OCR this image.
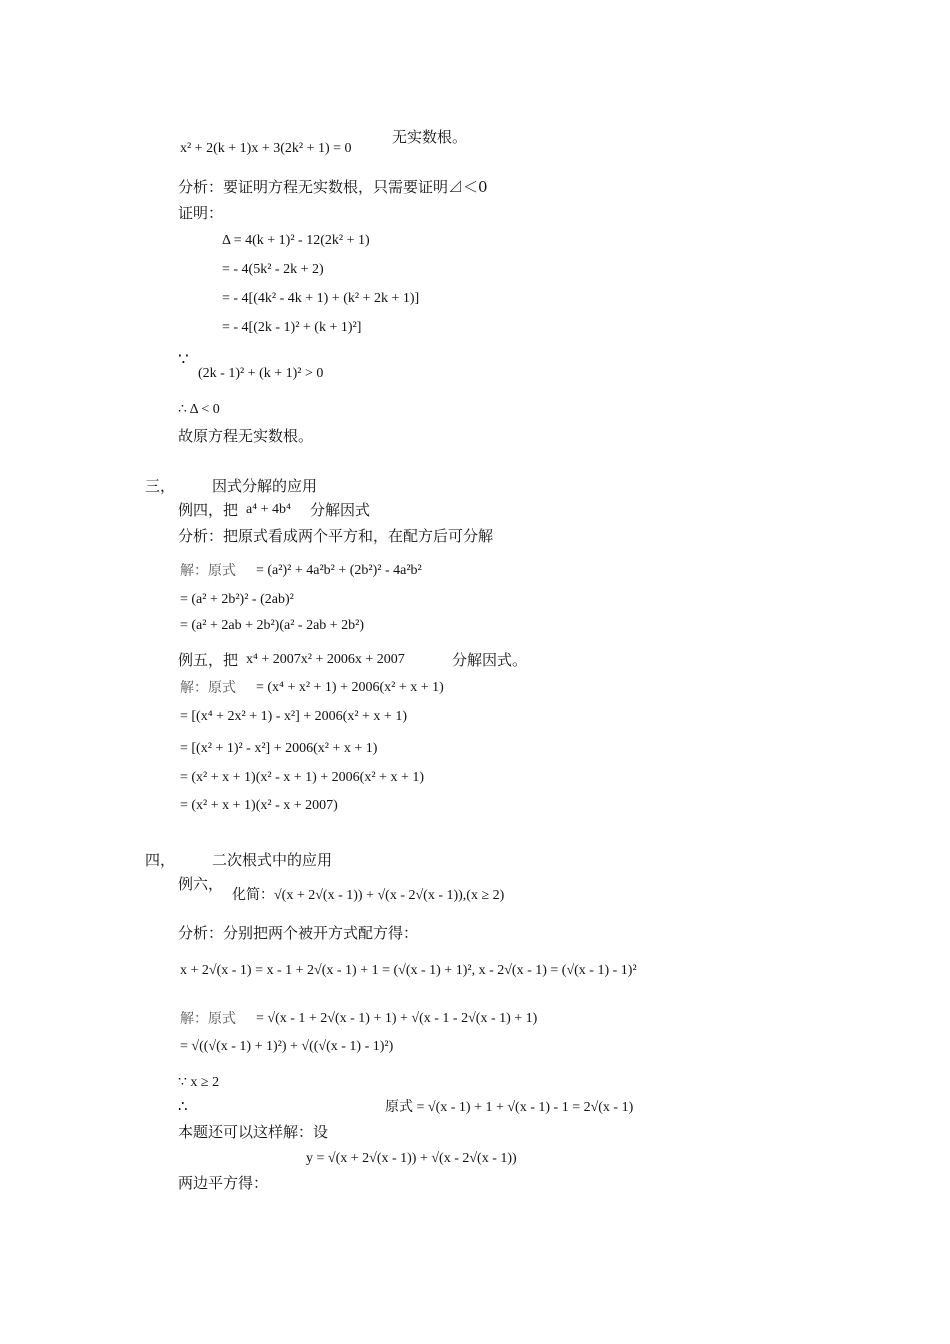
x² + 2(k + 1)x + 3(2k² + 1) = 0
无实数根。
分析：要证明方程无实数根，只需要证明⊿＜0
证明：
Δ = 4(k + 1)² - 12(2k² + 1)
= - 4(5k² - 2k + 2)
= - 4[(4k² - 4k + 1) + (k² + 2k + 1)]
= - 4[(2k - 1)² + (k + 1)²]
∵
(2k - 1)² + (k + 1)² > 0
∴ Δ < 0
故原方程无实数根。
三， 因式分解的应用
例四，把 a⁴ + 4b⁴ 分解因式
分析：把原式看成两个平方和，在配方后可分解
解：原式 = (a²)² + 4a²b² + (2b²)² - 4a²b²
= (a² + 2b²)² - (2ab)²
= (a² + 2ab + 2b²)(a² - 2ab + 2b²)
例五，把 x⁴ + 2007x² + 2006x + 2007	分解因式。
解：原式 = (x⁴ + x² + 1) + 2006(x² + x + 1)
= [(x⁴ + 2x² + 1) - x²] + 2006(x² + x + 1)
= [(x² + 1)² - x²] + 2006(x² + x + 1)
= (x² + x + 1)(x² - x + 1) + 2006(x² + x + 1)
= (x² + x + 1)(x² - x + 2007)
四， 二次根式中的应用
例六，
化简：√(x + 2√(x - 1)) + √(x - 2√(x - 1)),(x ≥ 2)
分析：分别把两个被开方式配方得：
x + 2√(x - 1) = x - 1 + 2√(x - 1) + 1 = (√(x - 1) + 1)², x - 2√(x - 1) = (√(x - 1) - 1)²
解：原式 = √(x - 1 + 2√(x - 1) + 1) + √(x - 1 - 2√(x - 1) + 1)
= √((√(x - 1) + 1)²) + √((√(x - 1) - 1)²)
∵ x ≥ 2
∴	原式 = √(x - 1) + 1 + √(x - 1) - 1 = 2√(x - 1)
本题还可以这样解：设
y = √(x + 2√(x - 1)) + √(x - 2√(x - 1))
两边平方得：
